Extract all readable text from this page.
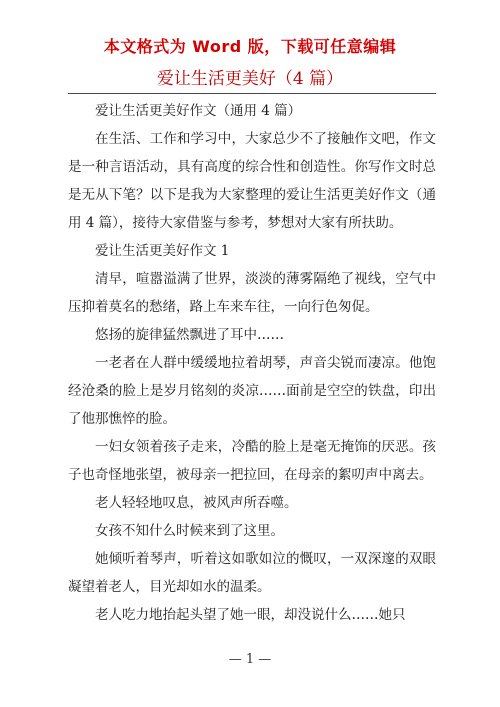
本文格式为 Word 版，下载可任意编辑
爱让生活更美好（4 篇）

爱让生活更美好作文（通用 4 篇）

在生活、工作和学习中，大家总少不了接触作文吧，作文是一种言语活动，具有高度的综合性和创造性。你写作文时总是无从下笔？以下是我为大家整理的爱让生活更美好作文（通用 4 篇），接待大家借鉴与参考，梦想对大家有所扶助。

爱让生活更美好作文 1

清早，喧嚣溢满了世界，淡淡的薄雾隔绝了视线，空气中压抑着莫名的愁绪，路上车来车往，一向行色匆促。

悠扬的旋律猛然飘进了耳中……

一老者在人群中缓缓地拉着胡琴，声音尖锐而凄凉。他饱经沧桑的脸上是岁月铭刻的炎凉……面前是空空的铁盘，印出了他那憔悴的脸。

一妇女领着孩子走来，冷酷的脸上是毫无掩饰的厌恶。孩子也奇怪地张望，被母亲一把拉回，在母亲的絮叨声中离去。

老人轻轻地叹息，被风声所吞噬。

女孩不知什么时候来到了这里。

她倾听着琴声，听着这如歌如泣的慨叹，一双深邃的双眼凝望着老人，目光却如水的温柔。

老人吃力地抬起头望了她一眼，却没说什么……她只

— 1 —
